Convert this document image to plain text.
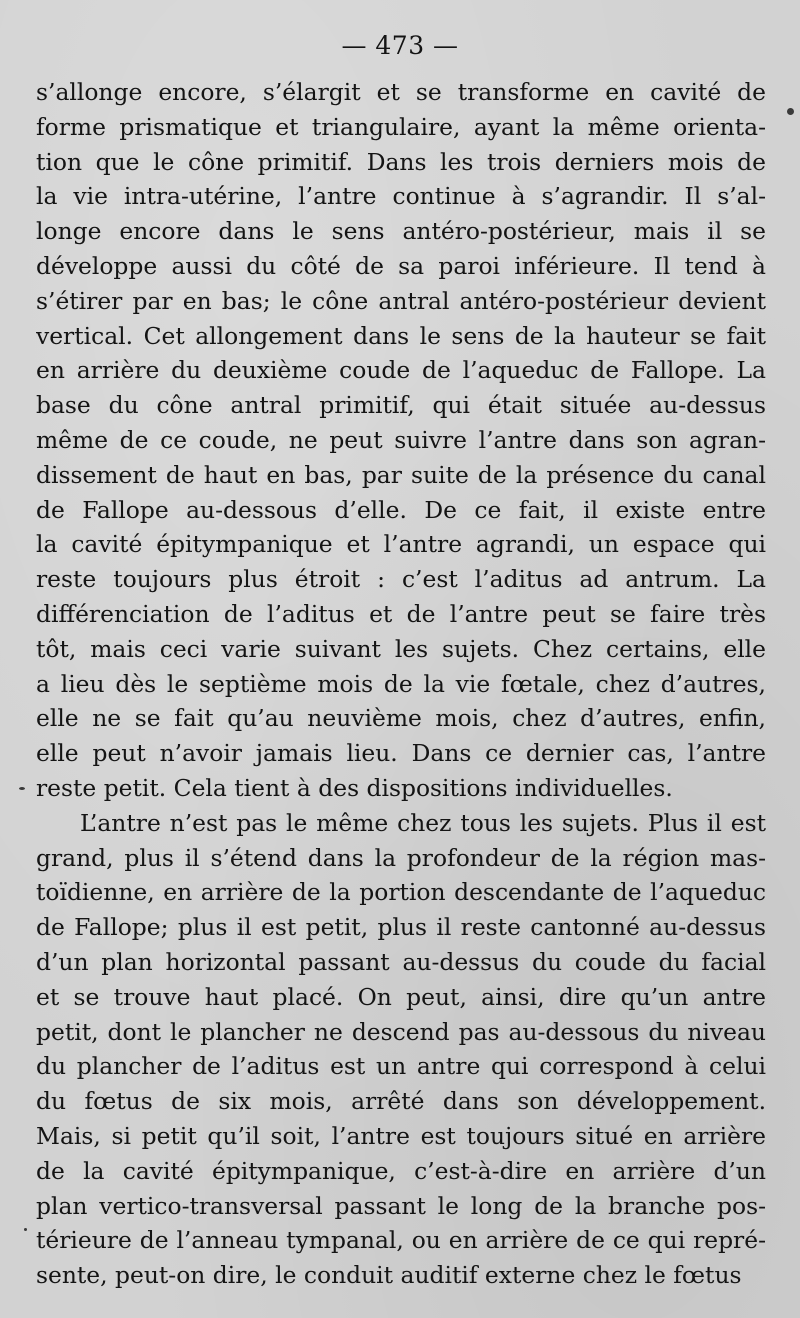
— 473 —
s’allonge encore, s’élargit et se transforme en cavité de
forme prismatique et triangulaire, ayant la même orienta-
tion que le cône primitif. Dans les trois derniers mois de
la vie intra-utérine, l’antre continue à s’agrandir. Il s’al-
longe encore dans le sens antéro-postérieur, mais il se
développe aussi du côté de sa paroi inférieure. Il tend à
s’étirer par en bas; le cône antral antéro-postérieur devient
vertical. Cet allongement dans le sens de la hauteur se fait
en arrière du deuxième coude de l’aqueduc de Fallope. La
base du cône antral primitif, qui était située au-dessus
même de ce coude, ne peut suivre l’antre dans son agran-
dissement de haut en bas, par suite de la présence du canal
de Fallope au-dessous d’elle. De ce fait, il existe entre
la cavité épitympanique et l’antre agrandi, un espace qui
reste toujours plus étroit : c’est l’aditus ad antrum. La
différenciation de l’aditus et de l’antre peut se faire très
tôt, mais ceci varie suivant les sujets. Chez certains, elle
a lieu dès le septième mois de la vie fœtale, chez d’autres,
elle ne se fait qu’au neuvième mois, chez d’autres, enfin,
elle peut n’avoir jamais lieu. Dans ce dernier cas, l’antre
reste petit. Cela tient à des dispositions individuelles.
L’antre n’est pas le même chez tous les sujets. Plus il est
grand, plus il s’étend dans la profondeur de la région mas-
toïdienne, en arrière de la portion descendante de l’aqueduc
de Fallope; plus il est petit, plus il reste cantonné au-dessus
d’un plan horizontal passant au-dessus du coude du facial
et se trouve haut placé. On peut, ainsi, dire qu’un antre
petit, dont le plancher ne descend pas au-dessous du niveau
du plancher de l’aditus est un antre qui correspond à celui
du fœtus de six mois, arrêté dans son développement.
Mais, si petit qu’il soit, l’antre est toujours situé en arrière
de la cavité épitympanique, c’est-à-dire en arrière d’un
plan vertico-transversal passant le long de la branche pos-
térieure de l’anneau tympanal, ou en arrière de ce qui repré-
sente, peut-on dire, le conduit auditif externe chez le fœtus
